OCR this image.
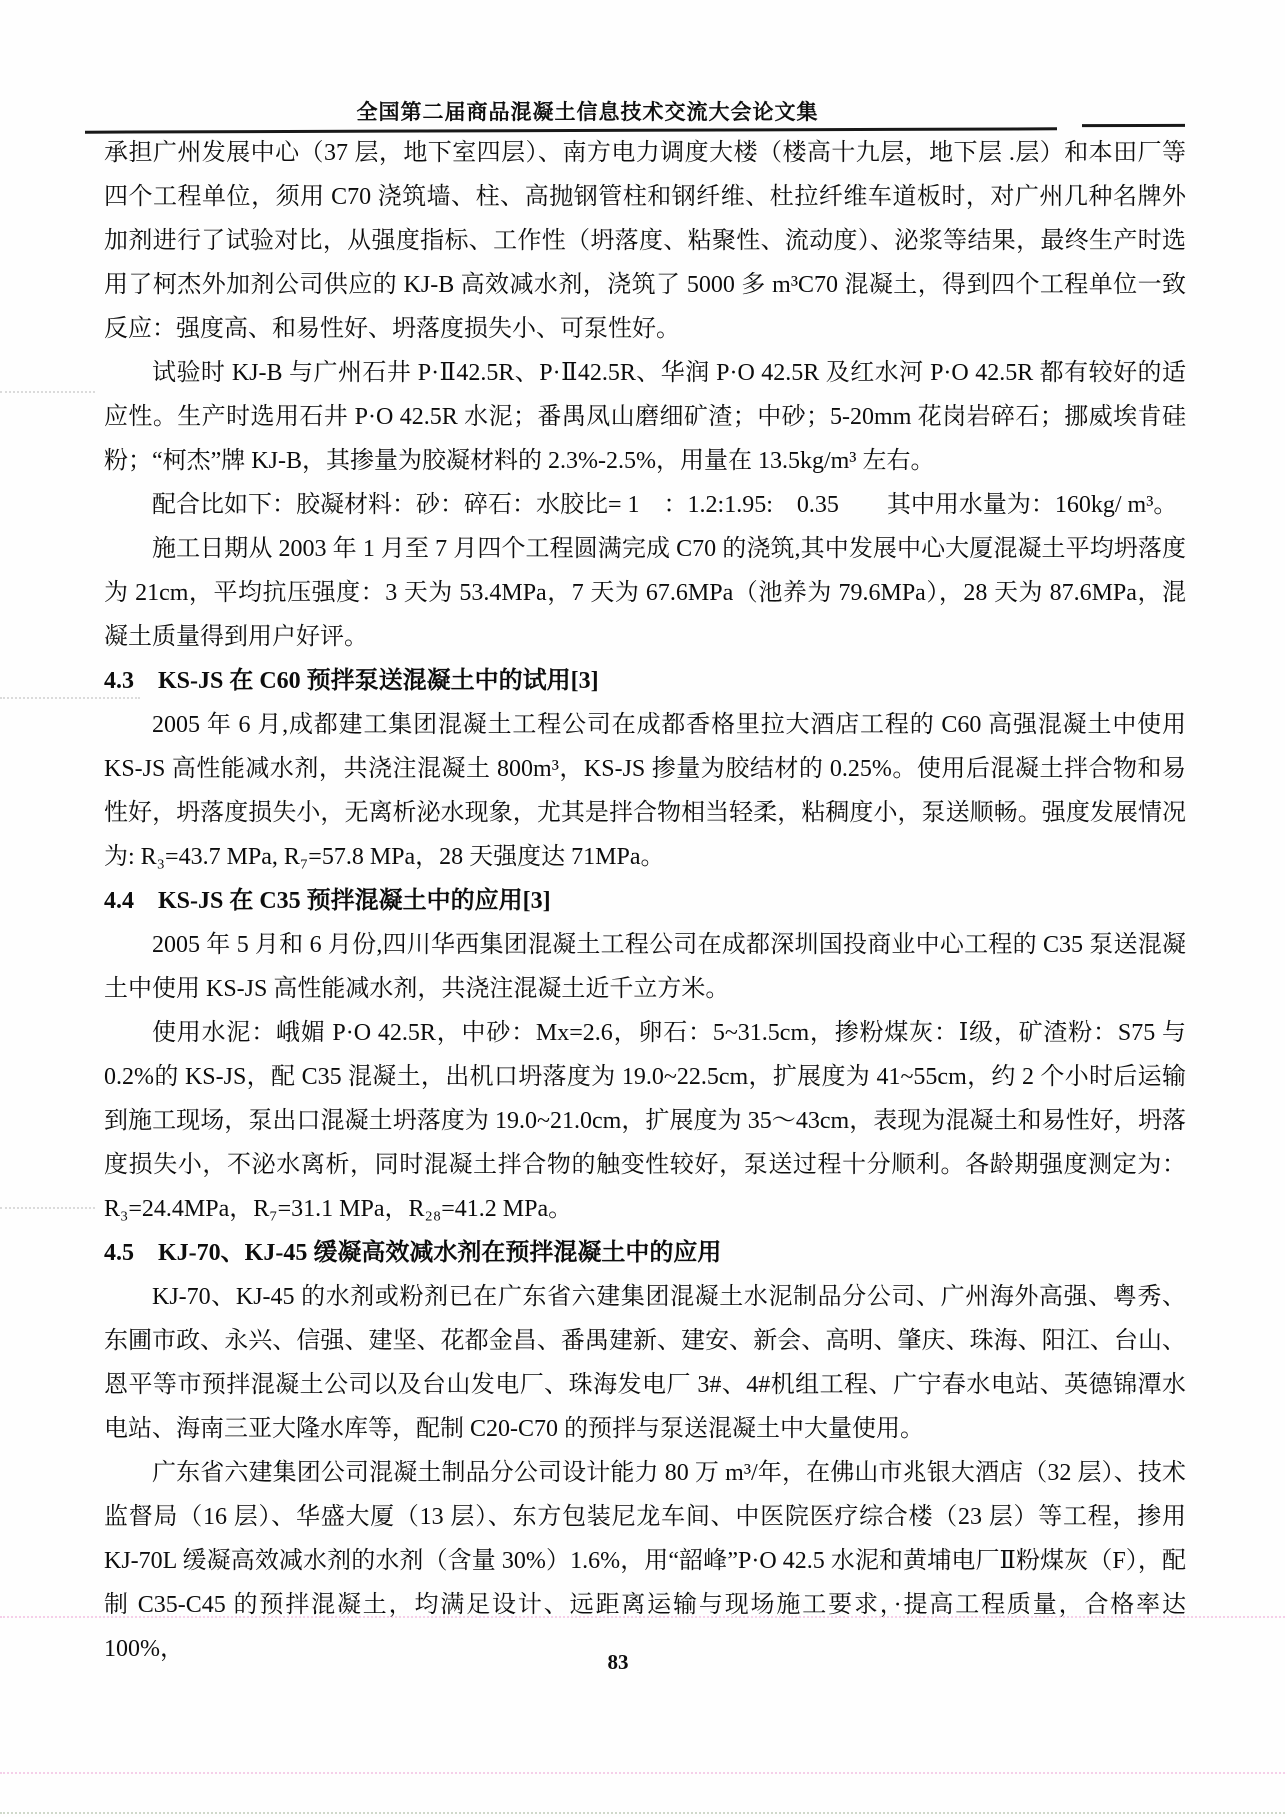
全国第二届商品混凝土信息技术交流大会论文集

承担广州发展中心（37 层，地下室四层）、南方电力调度大楼（楼高十九层，地下层 .层）和本田厂等四个工程单位，须用 C70 浇筑墙、柱、高抛钢管柱和钢纤维、杜拉纤维车道板时，对广州几种名牌外加剂进行了试验对比，从强度指标、工作性（坍落度、粘聚性、流动度）、泌浆等结果，最终生产时选用了柯杰外加剂公司供应的 KJ-B 高效减水剂，浇筑了 5000 多 m³C70 混凝土，得到四个工程单位一致反应：强度高、和易性好、坍落度损失小、可泵性好。

试验时 KJ-B 与广州石井 P·Ⅱ42.5R、P·Ⅱ42.5R、华润 P·O 42.5R 及红水河 P·O 42.5R 都有较好的适应性。生产时选用石井 P·O 42.5R 水泥；番禺凤山磨细矿渣；中砂；5-20mm 花岗岩碎石；挪威埃肯硅粉；“柯杰”牌 KJ-B，其掺量为胶凝材料的 2.3%-2.5%，用量在 13.5kg/m³ 左右。

配合比如下：胶凝材料：砂：碎石：水胶比= 1　：1.2:1.95:　0.35　　其中用水量为：160kg/ m³。

施工日期从 2003 年 1 月至 7 月四个工程圆满完成 C70 的浇筑,其中发展中心大厦混凝土平均坍落度为 21cm，平均抗压强度：3 天为 53.4MPa，7 天为 67.6MPa（池养为 79.6MPa），28 天为 87.6MPa，混凝土质量得到用户好评。

4.3　KS-JS 在 C60 预拌泵送混凝土中的试用[3]

2005 年 6 月,成都建工集团混凝土工程公司在成都香格里拉大酒店工程的 C60 高强混凝土中使用 KS-JS 高性能减水剂，共浇注混凝土 800m³，KS-JS 掺量为胶结材的 0.25%。使用后混凝土拌合物和易性好，坍落度损失小，无离析泌水现象，尤其是拌合物相当轻柔，粘稠度小，泵送顺畅。强度发展情况为: R₃=43.7 MPa, R₇=57.8 MPa，28 天强度达 71MPa。

4.4　KS-JS 在 C35 预拌混凝土中的应用[3]

2005 年 5 月和 6 月份,四川华西集团混凝土工程公司在成都深圳国投商业中心工程的 C35 泵送混凝土中使用 KS-JS 高性能减水剂，共浇注混凝土近千立方米。

使用水泥：峨媚 P·O 42.5R，中砂：Mx=2.6，卵石：5~31.5cm，掺粉煤灰：Ⅰ级，矿渣粉：S75 与 0.2%的 KS-JS，配 C35 混凝土，出机口坍落度为 19.0~22.5cm，扩展度为 41~55cm，约 2 个小时后运输到施工现场，泵出口混凝土坍落度为 19.0~21.0cm，扩展度为 35～43cm，表现为混凝土和易性好，坍落度损失小，不泌水离析，同时混凝土拌合物的触变性较好，泵送过程十分顺利。各龄期强度测定为：R₃=24.4MPa，R₇=31.1 MPa，R₂₈=41.2 MPa。

4.5　KJ-70、KJ-45 缓凝高效减水剂在预拌混凝土中的应用

KJ-70、KJ-45 的水剂或粉剂已在广东省六建集团混凝土水泥制品分公司、广州海外高强、粤秀、东圃市政、永兴、信强、建坚、花都金昌、番禺建新、建安、新会、高明、肇庆、珠海、阳江、台山、恩平等市预拌混凝土公司以及台山发电厂、珠海发电厂 3#、4#机组工程、广宁春水电站、英德锦潭水电站、海南三亚大隆水库等，配制 C20-C70 的预拌与泵送混凝土中大量使用。

广东省六建集团公司混凝土制品分公司设计能力 80 万 m³/年，在佛山市兆银大酒店（32 层）、技术监督局（16 层）、华盛大厦（13 层）、东方包装尼龙车间、中医院医疗综合楼（23 层）等工程，掺用 KJ-70L 缓凝高效减水剂的水剂（含量 30%）1.6%，用“韶峰”P·O 42.5 水泥和黄埔电厂Ⅱ粉煤灰（F），配制 C35-C45 的预拌混凝土，均满足设计、远距离运输与现场施工要求，·提高工程质量，合格率达 100%，	83
